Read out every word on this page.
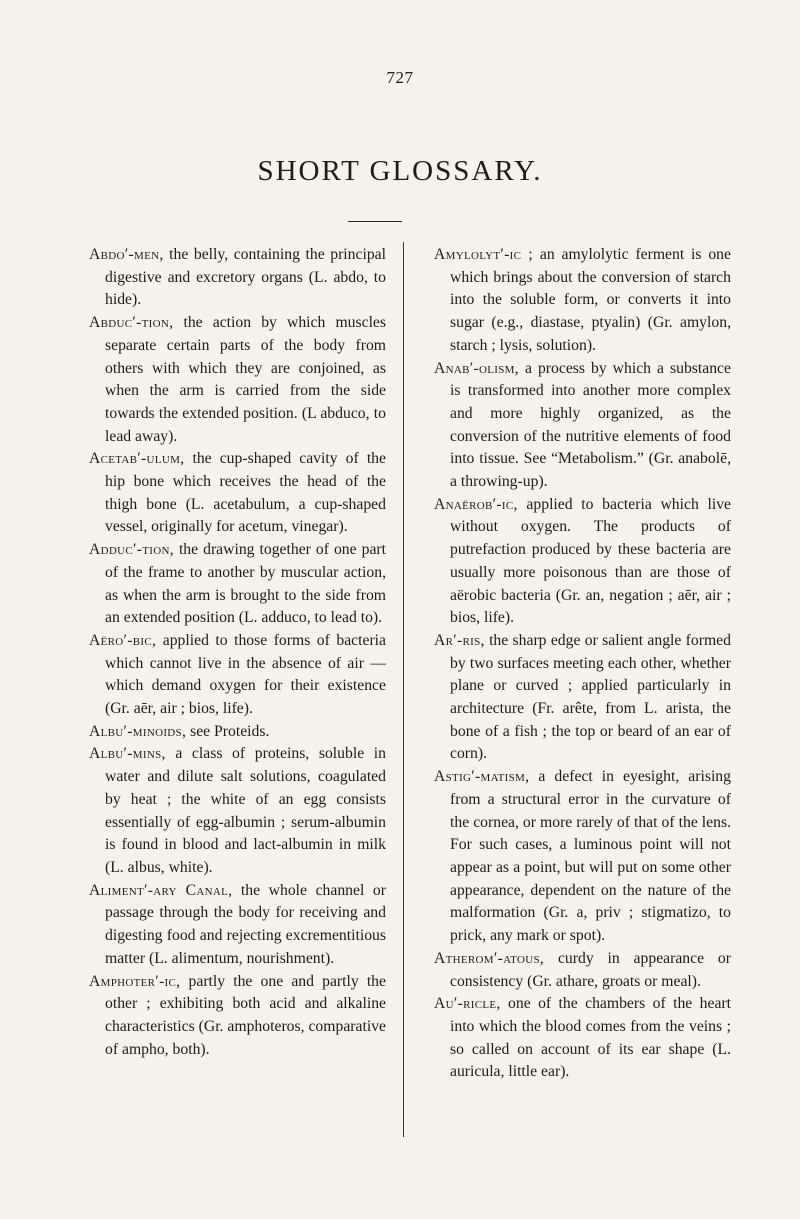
727
SHORT GLOSSARY.

Abdo′-men, the belly, containing the principal digestive and excretory organs (L. abdo, to hide).

Abduc′-tion, the action by which muscles separate certain parts of the body from others with which they are conjoined, as when the arm is carried from the side towards the extended position. (L abduco, to lead away).

Acetab′-ulum, the cup-shaped cavity of the hip bone which receives the head of the thigh bone (L. acetabulum, a cup-shaped vessel, originally for acetum, vinegar).

Adduc′-tion, the drawing together of one part of the frame to another by muscular action, as when the arm is brought to the side from an extended position (L. adduco, to lead to).

Aëro′-bic, applied to those forms of bacteria which cannot live in the absence of air — which demand oxygen for their existence (Gr. aēr, air ; bios, life).

Albu′-minoids, see Proteids.

Albu′-mins, a class of proteins, soluble in water and dilute salt solutions, coagulated by heat ; the white of an egg consists essentially of egg-albumin ; serum-albumin is found in blood and lact-albumin in milk (L. albus, white).

Aliment′-ary Canal, the whole channel or passage through the body for receiving and digesting food and rejecting excrementitious matter (L. alimentum, nourishment).

Amphoter′-ic, partly the one and partly the other ; exhibiting both acid and alkaline characteristics (Gr. amphoteros, comparative of ampho, both).

Amylolyt′-ic ; an amylolytic ferment is one which brings about the conversion of starch into the soluble form, or converts it into sugar (e.g., diastase, ptyalin) (Gr. amylon, starch ; lysis, solution).

Anab′-olism, a process by which a substance is transformed into another more complex and more highly organized, as the conversion of the nutritive elements of food into tissue. See “Metabolism.” (Gr. anabolē, a throwing-up).

Anaërob′-ic, applied to bacteria which live without oxygen. The products of putrefaction produced by these bacteria are usually more poisonous than are those of aërobic bacteria (Gr. an, negation ; aēr, air ; bios, life).

Ar′-ris, the sharp edge or salient angle formed by two surfaces meeting each other, whether plane or curved ; applied particularly in architecture (Fr. arête, from L. arista, the bone of a fish ; the top or beard of an ear of corn).

Astig′-matism, a defect in eyesight, arising from a structural error in the curvature of the cornea, or more rarely of that of the lens. For such cases, a luminous point will not appear as a point, but will put on some other appearance, dependent on the nature of the malformation (Gr. a, priv ; stigmatizo, to prick, any mark or spot).

Atherom′-atous, curdy in appearance or consistency (Gr. athare, groats or meal).

Au′-ricle, one of the chambers of the heart into which the blood comes from the veins ; so called on account of its ear shape (L. auricula, little ear).
